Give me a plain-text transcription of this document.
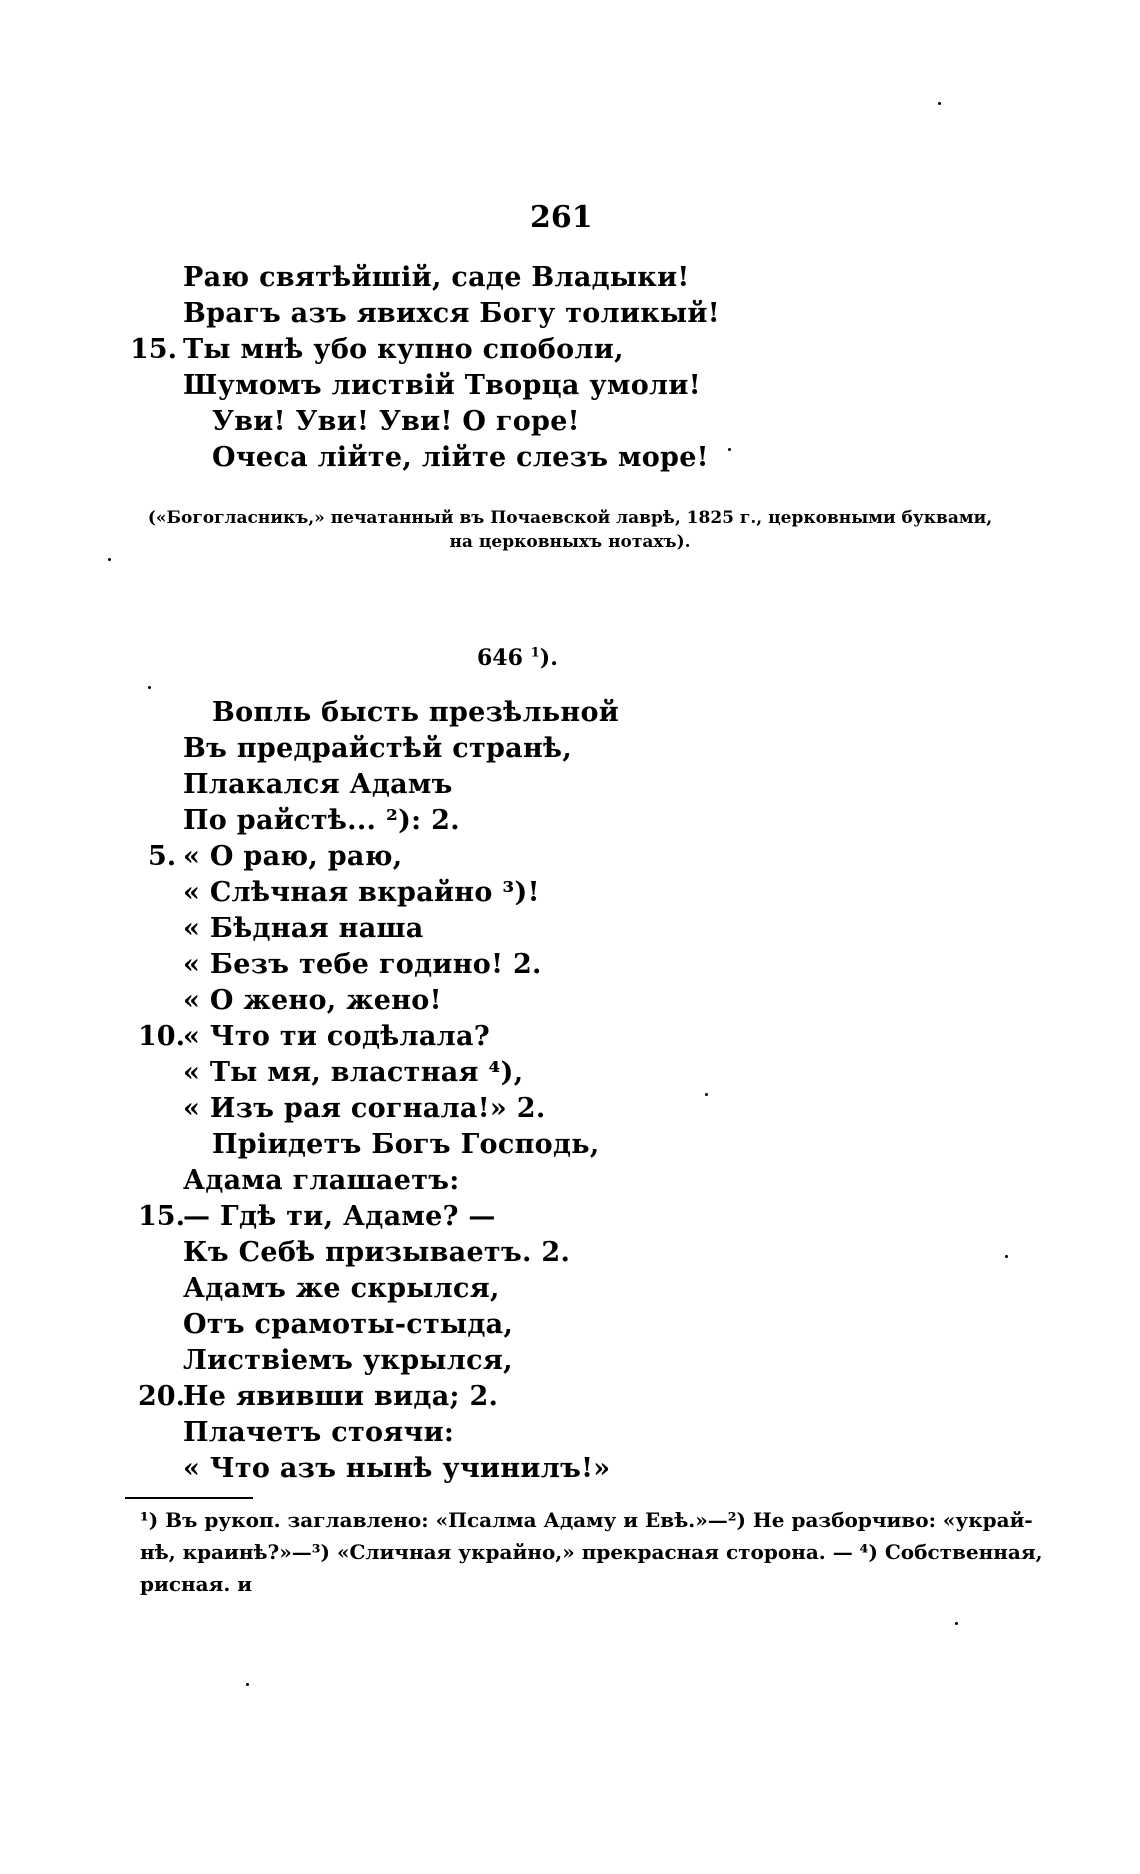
261
Раю святѣйшій, саде Владыки!
Врагъ азъ явихся Богу толикый!
15. Ты мнѣ убо купно споболи,
Шумомъ листвій Творца умоли!
Уви! Уви! Уви! О горе!
Очеса лійте, лійте слезъ море!
(«Богогласникъ,» печатанный въ Почаевской лаврѣ, 1825 г., церковными буквами,
на церковныхъ нотахъ).
646 $^1$).
Вопль бысть презѣльной
Въ предрайстѣй странѣ,
Плакался Адамъ
По райстѣ... ²): 2.
5. « О раю, раю,
« Слѣчная вкрайно ³)!
« Бѣдная наша
« Безъ тебе годино! 2.
« О жено, жено!
10.
« Что ти содѣлала?
« Ты мя, властная ⁴),
« Изъ рая согнала!» 2.
Пріидетъ Богъ Господь,
Адама глашаетъ:
15.
— Гдѣ ти, Адаме? —
Къ Себѣ призываетъ. 2.
Адамъ же скрылся,
Отъ срамоты-стыда,
Листвіемъ укрылся,
20.
Не явивши вида; 2.
Плачетъ стоячи:
« Что азъ нынѣ учинилъ!»
¹) Въ рукоп. заглавлено: «Псалма Адаму и Евѣ.»—²) Не разборчиво: «украй-
нѣ, краинѣ?»—³) «Сличная украйно,» прекрасная сторона. — ⁴) Собственная,
рисная. и
